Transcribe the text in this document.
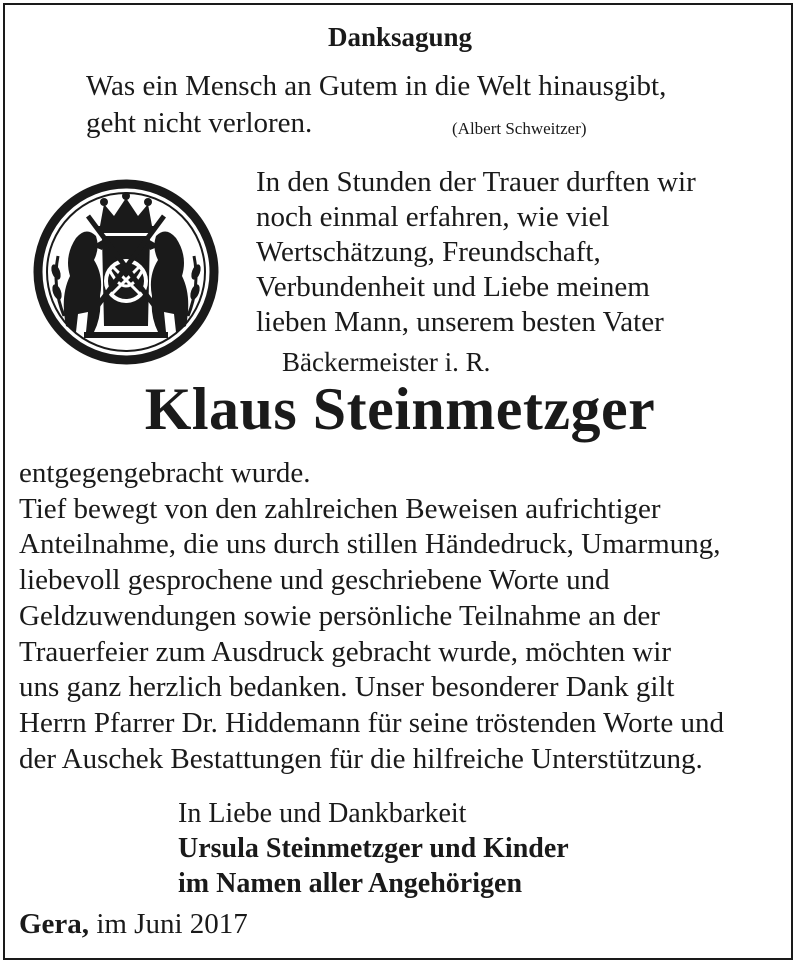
Danksagung
Was ein Mensch an Gutem in die Welt hinausgibt,
geht nicht verloren.	(Albert Schweitzer)
In den Stunden der Trauer durften wir
noch einmal erfahren, wie viel
Wertschätzung, Freundschaft,
Verbundenheit und Liebe meinem
lieben Mann, unserem besten Vater
Bäckermeister i. R.
Klaus Steinmetzger
entgegengebracht wurde.
Tief bewegt von den zahlreichen Beweisen aufrichtiger
Anteilnahme, die uns durch stillen Händedruck, Umarmung,
liebevoll gesprochene und geschriebene Worte und
Geldzuwendungen sowie persönliche Teilnahme an der
Trauerfeier zum Ausdruck gebracht wurde, möchten wir
uns ganz herzlich bedanken. Unser besonderer Dank gilt
Herrn Pfarrer Dr. Hiddemann für seine tröstenden Worte und
der Auschek Bestattungen für die hilfreiche Unterstützung.
In Liebe und Dankbarkeit
Ursula Steinmetzger und Kinder
im Namen aller Angehörigen
Gera, im Juni 2017
